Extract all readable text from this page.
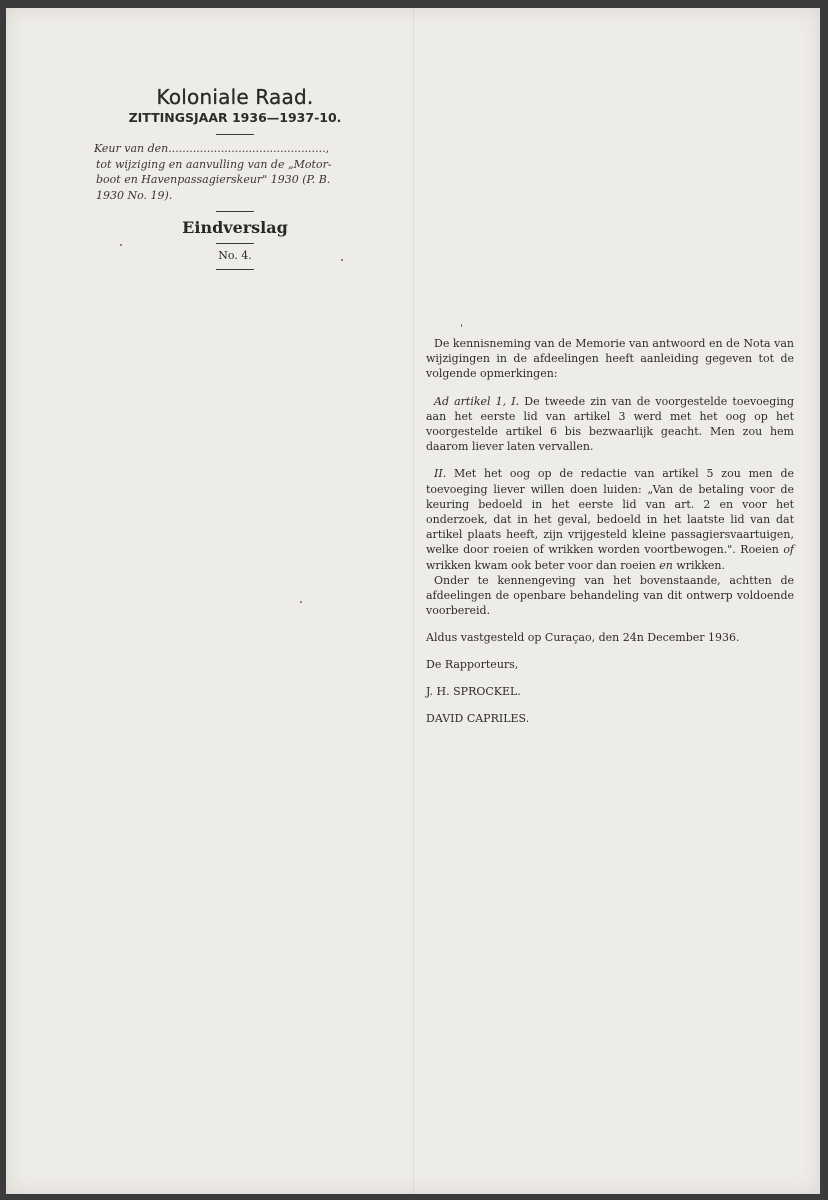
Koloniale Raad.

ZITTINGSJAAR 1936—1937-10.

Keur van den.............................................,
tot wijziging en aanvulling van de „Motor-
boot en Havenpassagierskeur" 1930 (P. B.
1930 No. 19).

Eindverslag

No. 4.

De kennisneming van de Memorie van antwoord en de Nota van wijzigingen in de afdeelingen heeft aanleiding gegeven tot de volgende opmerkingen:

Ad artikel 1, I. De tweede zin van de voorgestelde toevoeging aan het eerste lid van artikel 3 werd met het oog op het voorgestelde artikel 6 bis bezwaarlijk geacht. Men zou hem daarom liever laten vervallen.

II. Met het oog op de redactie van artikel 5 zou men de toevoeging liever willen doen luiden: „Van de betaling voor de keuring bedoeld in het eerste lid van art. 2 en voor het onderzoek, dat in het geval, bedoeld in het laatste lid van dat artikel plaats heeft, zijn vrijgesteld kleine passagiersvaartuigen, welke door roeien of wrikken worden voortbewogen.". Roeien of wrikken kwam ook beter voor dan roeien en wrikken.

Onder te kennengeving van het bovenstaande, achtten de afdeelingen de openbare behandeling van dit ontwerp voldoende voorbereid.

Aldus vastgesteld op Curaçao, den 24n December 1936.

De Rapporteurs,

J. H. SPROCKEL.

DAVID CAPRILES.
